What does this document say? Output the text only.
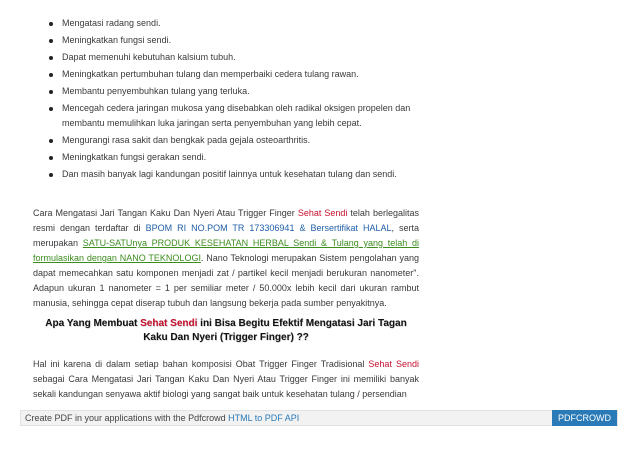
Mengatasi radang sendi.
Meningkatkan fungsi sendi.
Dapat memenuhi kebutuhan kalsium tubuh.
Meningkatkan pertumbuhan tulang dan memperbaiki cedera tulang rawan.
Membantu penyembuhkan tulang yang terluka.
Mencegah cedera jaringan mukosa yang disebabkan oleh radikal oksigen propelen dan membantu memulihkan luka jaringan serta penyembuhan yang lebih cepat.
Mengurangi rasa sakit dan bengkak pada gejala osteoarthritis.
Meningkatkan fungsi gerakan sendi.
Dan masih banyak lagi kandungan positif lainnya untuk kesehatan tulang dan sendi.

Cara Mengatasi Jari Tangan Kaku Dan Nyeri Atau Trigger Finger Sehat Sendi telah berlegalitas resmi dengan terdaftar di BPOM RI NO.POM TR 173306941 & Bersertifikat HALAL, serta merupakan SATU-SATUnya PRODUK KESEHATAN HERBAL Sendi & Tulang yang telah di formulasikan dengan NANO TEKNOLOGI. Nano Teknologi merupakan Sistem pengolahan yang dapat memecahkan satu komponen menjadi zat / partikel kecil menjadi berukuran nanometer". Adapun ukuran 1 nanometer = 1 per semiliar meter / 50.000x lebih kecil dari ukuran rambut manusia, sehingga cepat diserap tubuh dan langsung bekerja pada sumber penyakitnya.

Apa Yang Membuat Sehat Sendi ini Bisa Begitu Efektif Mengatasi Jari Tagan Kaku Dan Nyeri (Trigger Finger) ??

Hal ini karena di dalam setiap bahan komposisi Obat Trigger Finger Tradisional Sehat Sendi sebagai Cara Mengatasi Jari Tangan Kaku Dan Nyeri Atau Trigger Finger ini memiliki banyak sekali kandungan senyawa aktif biologi yang sangat baik untuk kesehatan tulang / persendian

Create PDF in your applications with the Pdfcrowd HTML to PDF API	PDFCROWD
